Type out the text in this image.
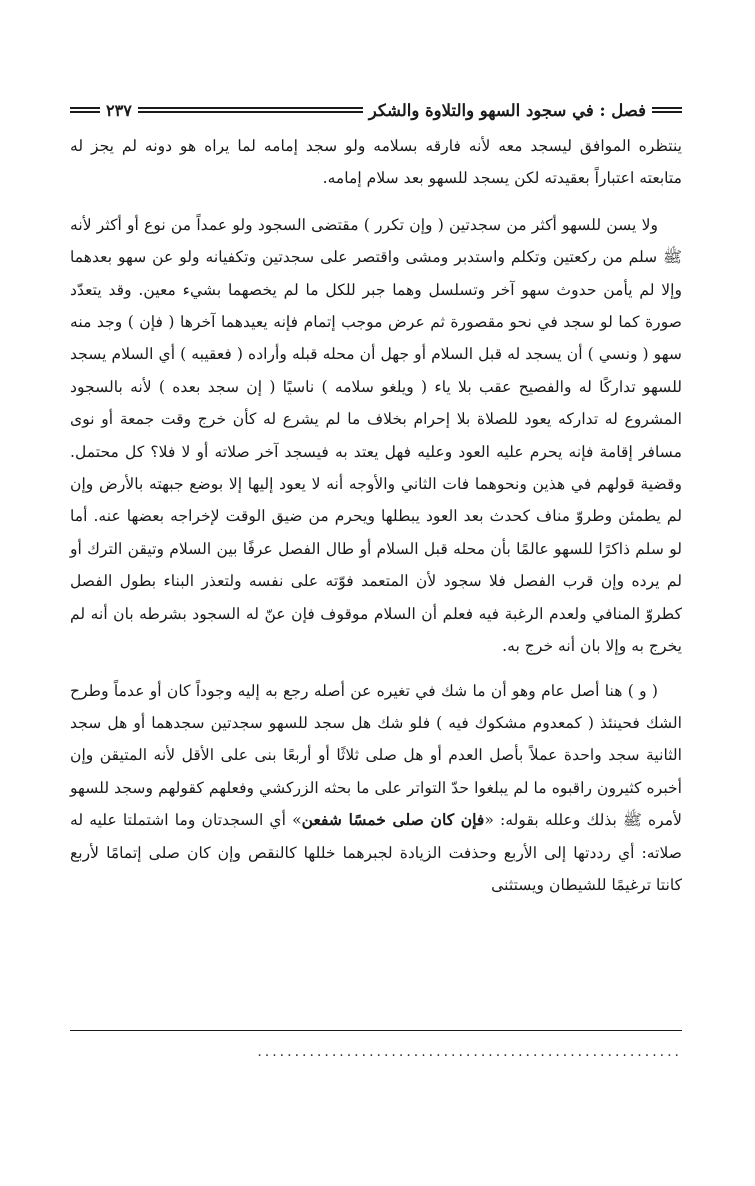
فصل : في سجود السهو والتلاوة والشكر
٢٣٧

ينتظره الموافق ليسجد معه لأنه فارقه بسلامه ولو سجد إمامه لما يراه هو دونه لم يجز له متابعته اعتباراً بعقيدته لكن يسجد للسهو بعد سلام إمامه.

ولا يسن للسهو أكثر من سجدتين ( وإن تكرر ) مقتضى السجود ولو عمداً من نوع أو أكثر لأنه ﷺ سلم من ركعتين وتكلم واستدبر ومشى واقتصر على سجدتين وتكفيانه ولو عن سهو بعدهما وإلا لم يأمن حدوث سهو آخر وتسلسل وهما جبر للكل ما لم يخصهما بشيء معين. وقد يتعدّد صورة كما لو سجد في نحو مقصورة ثم عرض موجب إتمام فإنه يعيدهما آخرها ( فإن ) وجد منه سهو ( ونسي ) أن يسجد له قبل السلام أو جهل أن محله قبله وأراده ( فعقيبه ) أي السلام يسجد للسهو تداركًا له والفصيح عقب بلا ياء ( ويلغو سلامه ) ناسيًا ( إن سجد بعده ) لأنه بالسجود المشروع له تداركه يعود للصلاة بلا إحرام بخلاف ما لم يشرع له كأن خرج وقت جمعة أو نوى مسافر إقامة فإنه يحرم عليه العود وعليه فهل يعتد به فيسجد آخر صلاته أو لا فلا؟ كل محتمل. وقضية قولهم في هذين ونحوهما فات الثاني والأوجه أنه لا يعود إليها إلا بوضع جبهته بالأرض وإن لم يطمئن وطروّ مناف كحدث بعد العود يبطلها ويحرم من ضيق الوقت لإخراجه بعضها عنه. أما لو سلم ذاكرًا للسهو عالمًا بأن محله قبل السلام أو طال الفصل عرفًا بين السلام وتيقن الترك أو لم يرده وإن قرب الفصل فلا سجود لأن المتعمد فوّته على نفسه ولتعذر البناء بطول الفصل كطروّ المنافي ولعدم الرغبة فيه فعلم أن السلام موقوف فإن عنّ له السجود بشرطه بان أنه لم يخرج به وإلا بان أنه خرج به.

( و ) هنا أصل عام وهو أن ما شك في تغيره عن أصله رجع به إليه وجوداً كان أو عدماً وطرح الشك فحينئذ ( كمعدوم مشكوك فيه ) فلو شك هل سجد للسهو سجدتين سجدهما أو هل سجد الثانية سجد واحدة عملاً بأصل العدم أو هل صلى ثلاثًا أو أربعًا بنى على الأقل لأنه المتيقن وإن أخبره كثيرون راقبوه ما لم يبلغوا حدّ التواتر على ما بحثه الزركشي وفعلهم كقولهم وسجد للسهو لأمره ﷺ بذلك وعلله بقوله: «فإن كان صلى خمسًا شفعن» أي السجدتان وما اشتملتا عليه له صلاته: أي رددتها إلى الأربع وحذفت الزيادة لجبرهما خللها كالنقص وإن كان صلى إتمامًا لأربع كانتا ترغيمًا للشيطان ويستثنى

.........................................................
